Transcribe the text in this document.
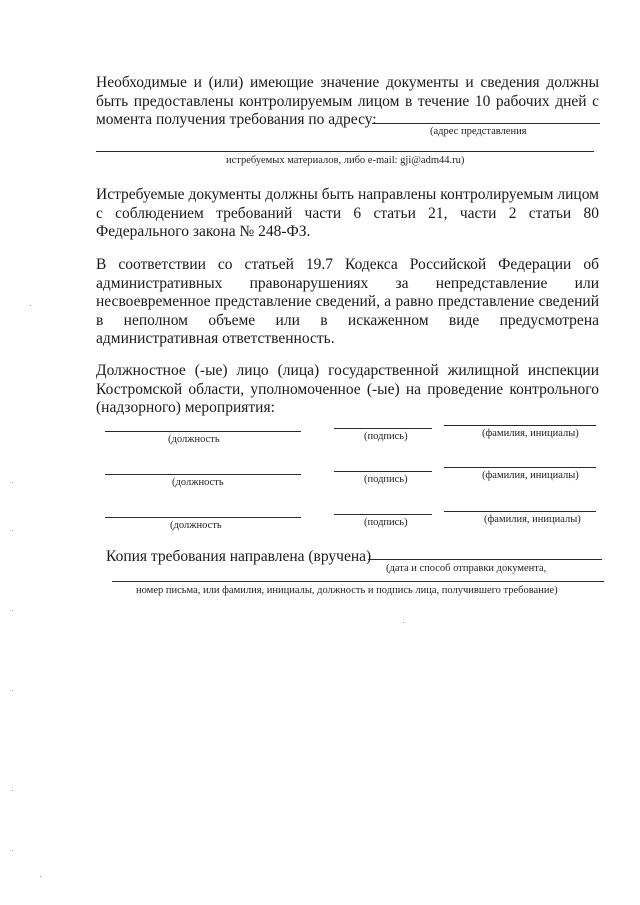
Необходимые и (или) имеющие значение документы и сведения должны быть предоставлены контролируемым лицом в течение 10 рабочих дней с момента получения требования по адресу:

(адрес представления
истребуемых материалов, либо e-mail: gji@adm44.ru)

Истребуемые документы должны быть направлены контролируемым лицом с соблюдением требований части 6 статьи 21, части 2 статьи 80 Федерального закона № 248-ФЗ.

В соответствии со статьей 19.7 Кодекса Российской Федерации об административных правонарушениях за непредставление или несвоевременное представление сведений, а равно представление сведений в неполном объеме или в искаженном виде предусмотрена административная ответственность.

Должностное (-ые) лицо (лица) государственной жилищной инспекции Костромской области, уполномоченное (-ые) на проведение контрольного (надзорного) мероприятия:

(должность	(подпись)	(фамилия, инициалы)
(должность	(подпись)	(фамилия, инициалы)
(должность	(подпись)	(фамилия, инициалы)
Копия требования направлена (вручена)
(дата и способ отправки документа,
номер письма, или фамилия, инициалы, должность и подпись лица, получившего требование)
